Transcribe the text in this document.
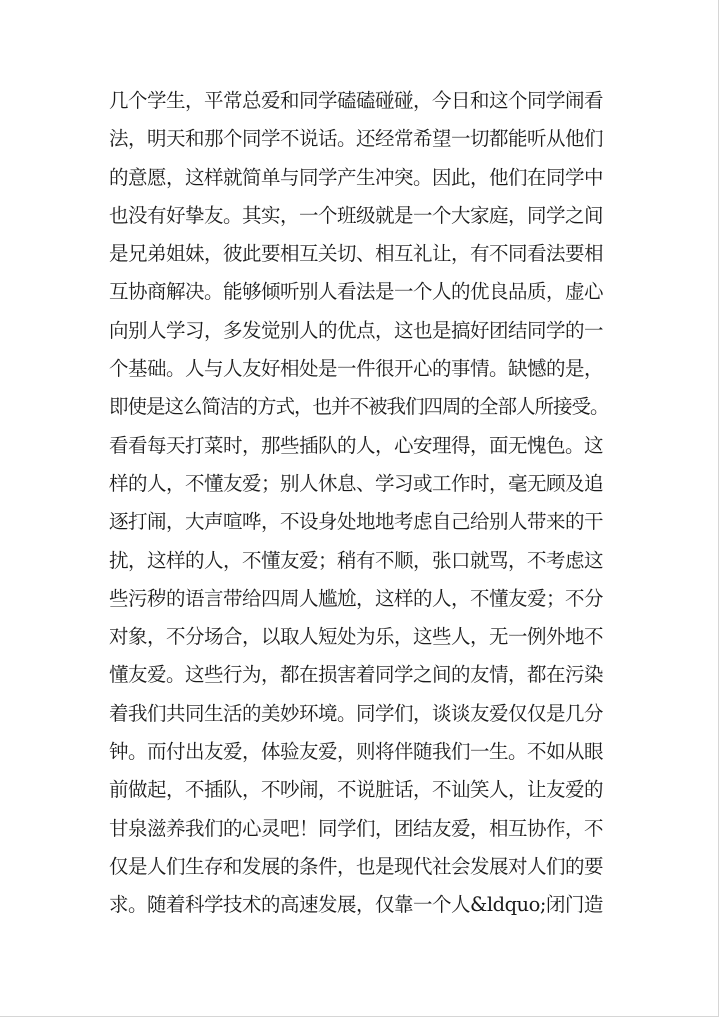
几个学生，平常总爱和同学磕磕碰碰，今日和这个同学闹看
法，明天和那个同学不说话。还经常希望一切都能听从他们
的意愿，这样就简单与同学产生冲突。因此，他们在同学中
也没有好挚友。其实，一个班级就是一个大家庭，同学之间
是兄弟姐妹，彼此要相互关切、相互礼让，有不同看法要相
互协商解决。能够倾听别人看法是一个人的优良品质，虚心
向别人学习，多发觉别人的优点，这也是搞好团结同学的一
个基础。人与人友好相处是一件很开心的事情。缺憾的是，
即使是这么简洁的方式，也并不被我们四周的全部人所接受。
看看每天打菜时，那些插队的人，心安理得，面无愧色。这
样的人，不懂友爱；别人休息、学习或工作时，毫无顾及追
逐打闹，大声喧哗，不设身处地地考虑自己给别人带来的干
扰，这样的人，不懂友爱；稍有不顺，张口就骂，不考虑这
些污秽的语言带给四周人尴尬，这样的人，不懂友爱；不分
对象，不分场合，以取人短处为乐，这些人，无一例外地不
懂友爱。这些行为，都在损害着同学之间的友情，都在污染
着我们共同生活的美妙环境。同学们，谈谈友爱仅仅是几分
钟。而付出友爱，体验友爱，则将伴随我们一生。不如从眼
前做起，不插队，不吵闹，不说脏话，不讪笑人，让友爱的
甘泉滋养我们的心灵吧！同学们，团结友爱，相互协作，不
仅是人们生存和发展的条件，也是现代社会发展对人们的要
求。随着科学技术的高速发展，仅靠一个人&ldquo;闭门造
